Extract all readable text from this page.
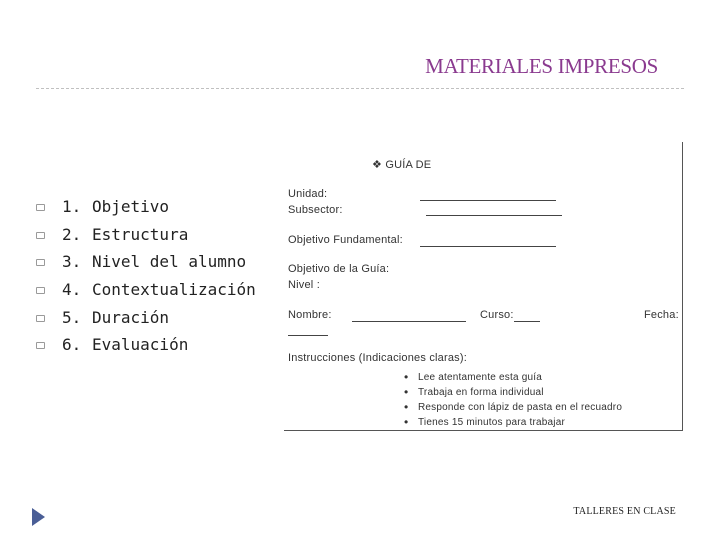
MATERIALES IMPRESOS
1. Objetivo
2. Estructura
3. Nivel del alumno
4. Contextualización
5. Duración
6. Evaluación
❖ GUÍA DE
Unidad:
Subsector:
Objetivo Fundamental:
Objetivo de la Guía:
Nivel :
Nombre:	Curso:	Fecha:
Instrucciones (Indicaciones claras):
• Lee atentamente esta guía
• Trabaja en forma individual
• Responde con lápiz de pasta en el recuadro
• Tienes 15 minutos para trabajar
TALLERES EN CLASE
